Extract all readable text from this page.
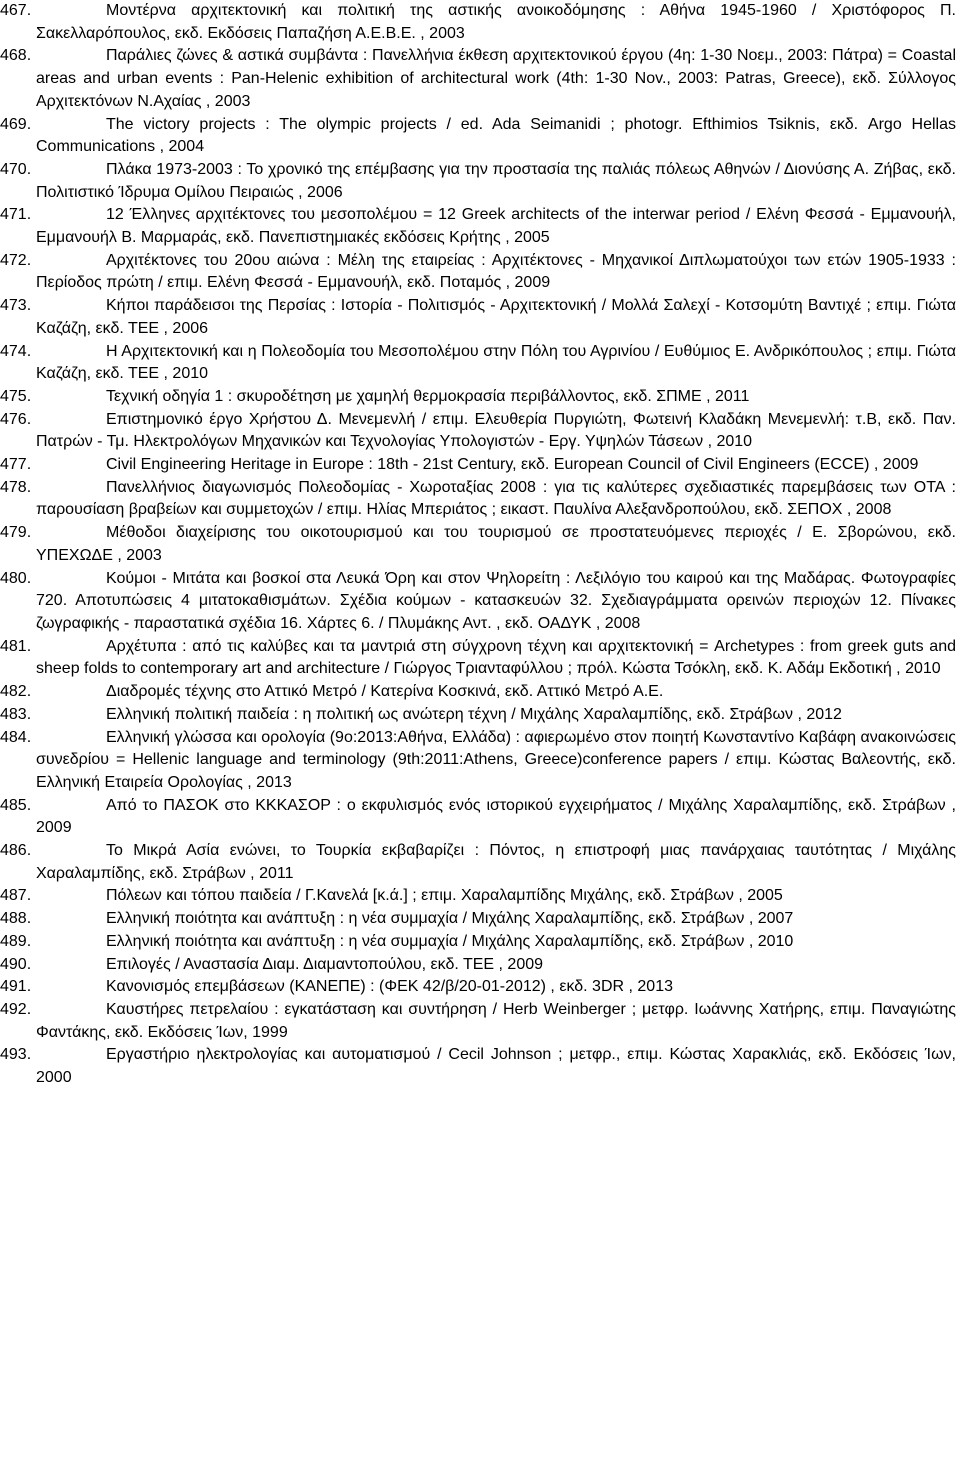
467.	Μοντέρνα αρχιτεκτονική και πολιτική της αστικής ανοικοδόμησης : Αθήνα 1945-1960 / Χριστόφορος Π. Σακελλαρόπουλος, εκδ. Εκδόσεις Παπαζήση Α.Ε.Β.Ε. , 2003

468.	Παράλιες ζώνες & αστικά συμβάντα : Πανελλήνια έκθεση αρχιτεκτονικού έργου (4η: 1-30 Νοεμ., 2003: Πάτρα) = Coastal areas and urban events : Pan-Helenic exhibition of architectural work (4th: 1-30 Nov., 2003: Patras, Greece), εκδ. Σύλλογος Αρχιτεκτόνων Ν.Αχαίας , 2003

469.	The victory projects : The olympic projects / ed. Ada Seimanidi ; photogr. Efthimios Tsiknis, εκδ. Argo Hellas Communications , 2004

470.	Πλάκα 1973-2003 : Το χρονικό της επέμβασης για την προστασία της παλιάς πόλεως Αθηνών / Διονύσης Α. Ζήβας, εκδ. Πολιτιστικό Ίδρυμα Ομίλου Πειραιώς , 2006

471.	12 Έλληνες αρχιτέκτονες του μεσοπολέμου = 12 Greek architects of the interwar period / Ελένη Φεσσά - Εμμανουήλ, Εμμανουήλ Β. Μαρμαράς, εκδ. Πανεπιστημιακές εκδόσεις Κρήτης , 2005

472.	Αρχιτέκτονες του 20ου αιώνα : Μέλη της εταιρείας : Αρχιτέκτονες - Μηχανικοί Διπλωματούχοι των ετών 1905-1933 : Περίοδος πρώτη / επιμ. Ελένη Φεσσά - Εμμανουήλ, εκδ. Ποταμός , 2009

473.	Κήποι παράδεισοι της Περσίας : Ιστορία - Πολιτισμός - Αρχιτεκτονική / Μολλά Σαλεχί - Κοτσομύτη Βαντιχέ ; επιμ. Γιώτα Καζάζη, εκδ. ΤΕΕ , 2006

474.	Η Αρχιτεκτονική και η Πολεοδομία του Μεσοπολέμου στην Πόλη του Αγρινίου / Ευθύμιος Ε. Ανδρικόπουλος ; επιμ. Γιώτα Καζάζη, εκδ. ΤΕΕ , 2010

475.	Τεχνική οδηγία 1 : σκυροδέτηση με χαμηλή θερμοκρασία περιβάλλοντος, εκδ. ΣΠΜΕ , 2011

476.	Επιστημονικό έργο Χρήστου Δ. Μενεμενλή / επιμ. Ελευθερία Πυργιώτη, Φωτεινή Κλαδάκη Μενεμενλή: τ.Β, εκδ. Παν. Πατρών - Τμ. Ηλεκτρολόγων Μηχανικών και Τεχνολογίας Υπολογιστών - Εργ. Υψηλών Τάσεων , 2010

477.	Civil Engineering Heritage in Europe : 18th - 21st Century, εκδ. European Council of Civil Engineers (ECCE) , 2009

478.	Πανελλήνιος διαγωνισμός Πολεοδομίας - Χωροταξίας 2008 : για τις καλύτερες σχεδιαστικές παρεμβάσεις των ΟΤΑ : παρουσίαση βραβείων και συμμετοχών / επιμ. Ηλίας Μπεριάτος ; εικαστ. Παυλίνα Αλεξανδροπούλου, εκδ. ΣΕΠΟΧ , 2008

479.	Μέθοδοι διαχείρισης του οικοτουρισμού και του τουρισμού σε προστατευόμενες περιοχές / Ε. Σβορώνου, εκδ. ΥΠΕΧΩΔΕ , 2003

480.	Κούμοι - Μιτάτα και βοσκοί στα Λευκά Όρη και στον Ψηλορείτη : Λεξιλόγιο του καιρού και της Μαδάρας. Φωτογραφίες 720. Αποτυπώσεις 4 μιτατοκαθισμάτων. Σχέδια κούμων - κατασκευών 32. Σχεδιαγράμματα ορεινών περιοχών 12. Πίνακες ζωγραφικής - παραστατικά σχέδια 16. Χάρτες 6. / Πλυμάκης Αντ. , εκδ. ΟΑΔΥΚ , 2008

481.	Αρχέτυπα : από τις καλύβες και τα μαντριά στη σύγχρονη τέχνη και αρχιτεκτονική = Archetypes : from greek guts and sheep folds to contemporary art and architecture / Γιώργος Τριανταφύλλου ; πρόλ. Κώστα Τσόκλη, εκδ. Κ. Αδάμ Εκδοτική , 2010

482.	Διαδρομές τέχνης στο Αττικό Μετρό / Κατερίνα Κοσκινά, εκδ. Αττικό Μετρό Α.Ε.

483.	Ελληνική πολιτική παιδεία : η πολιτική ως ανώτερη τέχνη / Μιχάλης Χαραλαμπίδης, εκδ. Στράβων , 2012

484.	Ελληνική γλώσσα και ορολογία (9ο:2013:Αθήνα, Ελλάδα) : αφιερωμένο στον ποιητή Κωνσταντίνο Καβάφη ανακοινώσεις συνεδρίου = Hellenic language and terminology (9th:2011:Athens, Greece)conference papers / επιμ. Κώστας Βαλεοντής, εκδ. Ελληνική Εταιρεία Ορολογίας , 2013

485.	Από το ΠΑΣΟΚ στο ΚΚΚΑΣΟΡ : ο εκφυλισμός ενός ιστορικού εγχειρήματος / Μιχάλης Χαραλαμπίδης, εκδ. Στράβων , 2009

486.	Το Μικρά Ασία ενώνει, το Τουρκία εκβαβαρίζει : Πόντος, η επιστροφή μιας πανάρχαιας ταυτότητας / Μιχάλης Χαραλαμπίδης, εκδ. Στράβων , 2011

487.	Πόλεων και τόπου παιδεία / Γ.Κανελά [κ.ά.] ; επιμ. Χαραλαμπίδης Μιχάλης, εκδ. Στράβων , 2005

488.	Ελληνική ποιότητα και ανάπτυξη : η νέα συμμαχία / Μιχάλης Χαραλαμπίδης, εκδ. Στράβων , 2007

489.	Ελληνική ποιότητα και ανάπτυξη : η νέα συμμαχία / Μιχάλης Χαραλαμπίδης, εκδ. Στράβων , 2010

490.	Επιλογές / Αναστασία Διαμ. Διαμαντοπούλου, εκδ. ΤΕΕ , 2009

491.	Κανονισμός επεμβάσεων (ΚΑΝΕΠΕ) : (ΦΕΚ 42/β/20-01-2012) , εκδ. 3DR , 2013

492.	Καυστήρες πετρελαίου : εγκατάσταση και συντήρηση / Herb Weinberger ; μετφρ. Ιωάννης Χατήρης, επιμ. Παναγιώτης Φαντάκης, εκδ. Εκδόσεις Ίων, 1999

493.	Εργαστήριο ηλεκτρολογίας και αυτοματισμού / Cecil Johnson ; μετφρ., επιμ. Κώστας Χαρακλιάς, εκδ. Εκδόσεις Ίων, 2000
